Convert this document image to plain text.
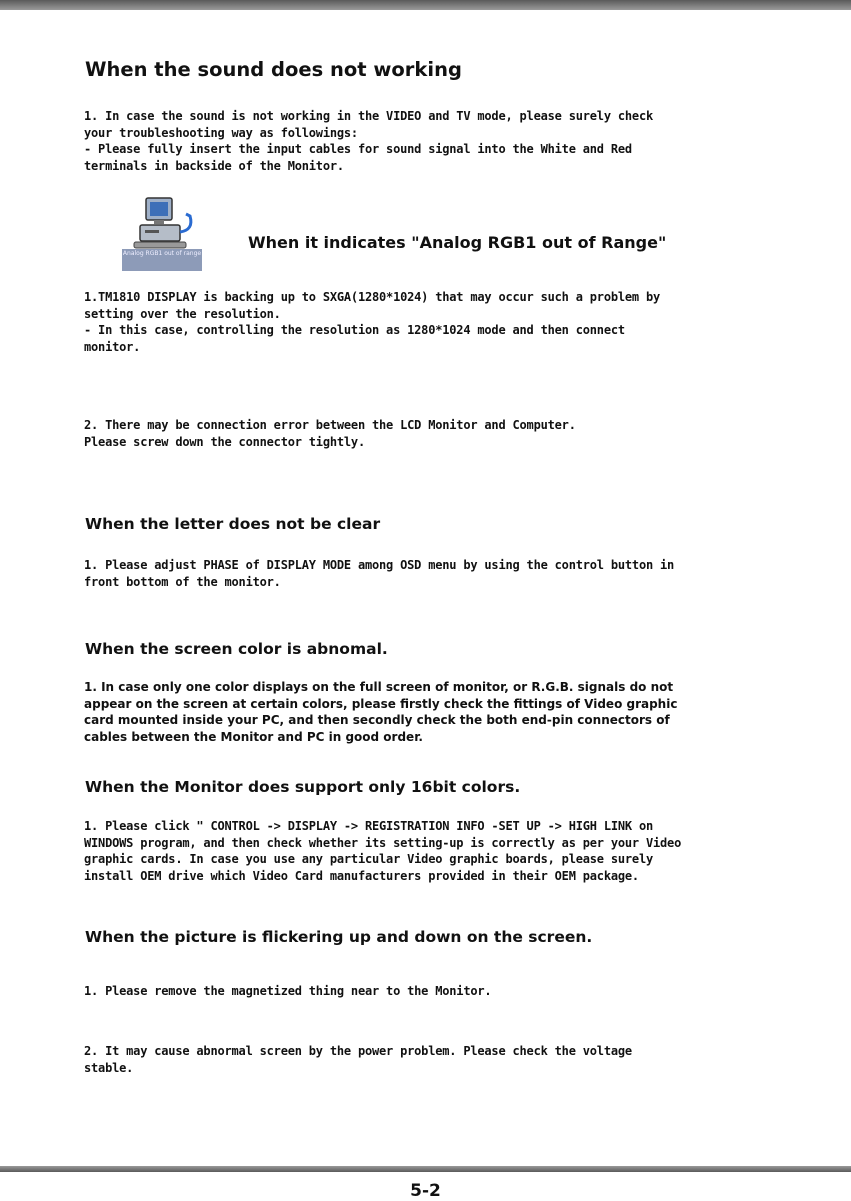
When the sound does not working

1. In case the sound is not working in the VIDEO and TV mode, please surely check
your troubleshooting way as followings:
- Please fully insert the input cables for sound signal into the White and Red
terminals in backside of the Monitor.

Analog RGB1 out of range
When it indicates "Analog RGB1 out of Range"

1.TM1810 DISPLAY is backing up to SXGA(1280*1024) that may occur such a problem by
setting over the resolution.
- In this case, controlling the resolution as 1280*1024 mode and then connect
monitor.

2. There may be connection error between the LCD Monitor and Computer.
Please screw down the connector tightly.

When the letter does not be clear

1. Please adjust PHASE of DISPLAY MODE among OSD menu by using the control button in
front bottom of the monitor.

When the screen color is abnomal.

1. In case only one color displays on the full screen of monitor, or R.G.B. signals do not
appear on the screen at certain colors, please firstly check the fittings of Video graphic
card mounted inside your PC, and then secondly check the both end-pin connectors of
cables between the Monitor and PC in good order.

When the Monitor does support only 16bit colors.

1. Please click " CONTROL -> DISPLAY -> REGISTRATION INFO -SET UP -> HIGH LINK on
WINDOWS program, and then check whether its setting-up is correctly as per your Video
graphic cards. In case you use any particular Video graphic boards, please surely
install OEM drive which Video Card manufacturers provided in their OEM package.

When the picture is flickering up and down on the screen.

1. Please remove the magnetized thing near to the Monitor.

2. It may cause abnormal screen by the power problem. Please check the voltage
stable.

5-2
